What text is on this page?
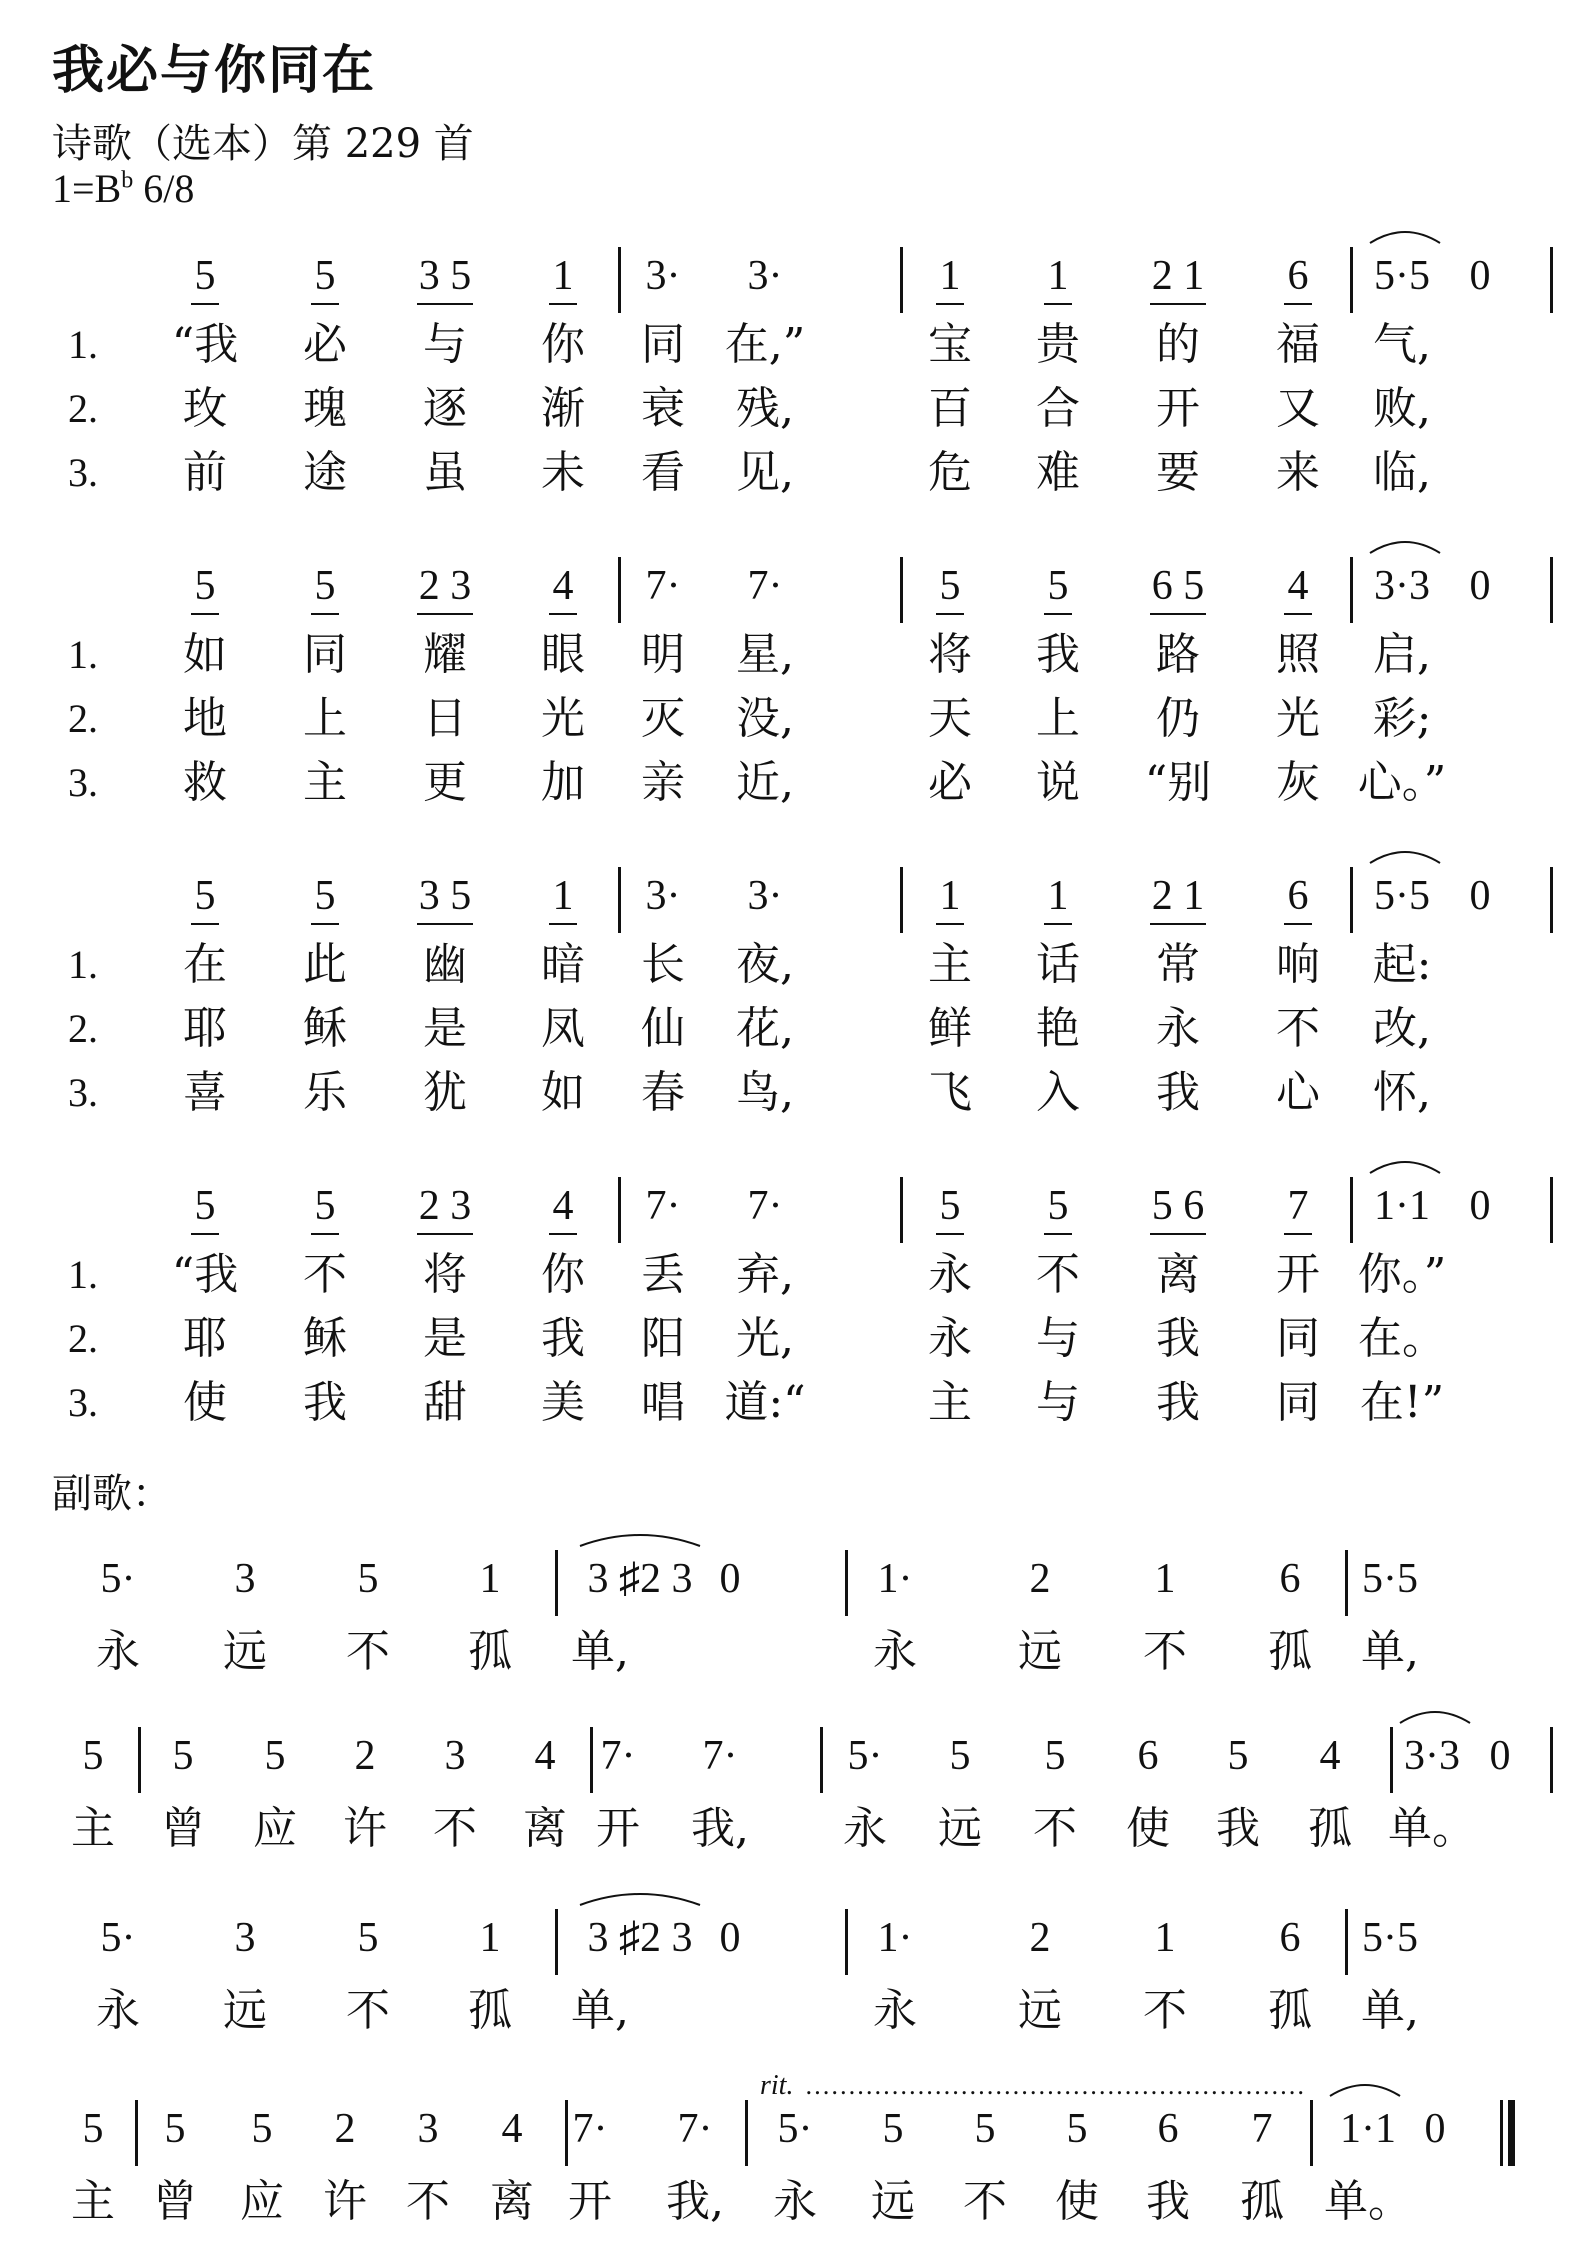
我必与你同在
诗歌（选本）第 229 首
$1=B^b$ 6/8
副歌：
5 5 3 5 1 3· 3·	1 1 2 1 6 5·5 0
1. “我 必 与 你 同 在,”	宝 贵 的 福 气,
2. 玫 瑰 逐 渐 衰 残,	百 合 开 又 败,
3. 前 途 虽 未 看 见,	危 难 要 来 临,
5 5 2 3 4 7· 7·	5 5 6 5 4 3·3 0
1. 如 同 耀 眼 明 星,	将 我 路 照 启,
2. 地 上 日 光 灭 没,	天 上 仍 光 彩;
3. 救 主 更 加 亲 近,	必 说 “别 灰 心。”
5 5 3 5 1 3· 3·	1 1 2 1 6 5·5 0
1. 在 此 幽 暗 长 夜,	主 话 常 响 起:
2. 耶 稣 是 凤 仙 花,	鲜 艳 永 不 改,
3. 喜 乐 犹 如 春 鸟,	飞 入 我 心 怀,
5 5 2 3 4 7· 7·	5 5 5 6 7 1·1 0
1. “我 不 将 你 丢 弃,	永 不 离 开 你。”
2. 耶 稣 是 我 阳 光,	永 与 我 同 在。
3. 使 我 甜 美 唱 道:“	主 与 我 同 在!”
5· 3 5 1 3 ♯2 3 0	1·	2 1 6 5·5
永 远 不 孤 单,	永 远 不 孤 单,
5 5 5 2 3 4 7· 7·	5· 5 5 6 5 4 3·3 0
主 曾 应 许 不 离 开 我, 永 远 不 使 我 孤 单。
5· 3 5 1 3 ♯2 3 0	1·	2 1 6 5·5
永 远 不 孤 单,	永 远 不 孤 单,
5 5 5 2 3 4 7· 7· 5· 5 5 5 6 7 1·1 0
主 曾 应 许 不 离 开 我, 永 远 不 使 我 孤 单。
rit. ..........................................................
